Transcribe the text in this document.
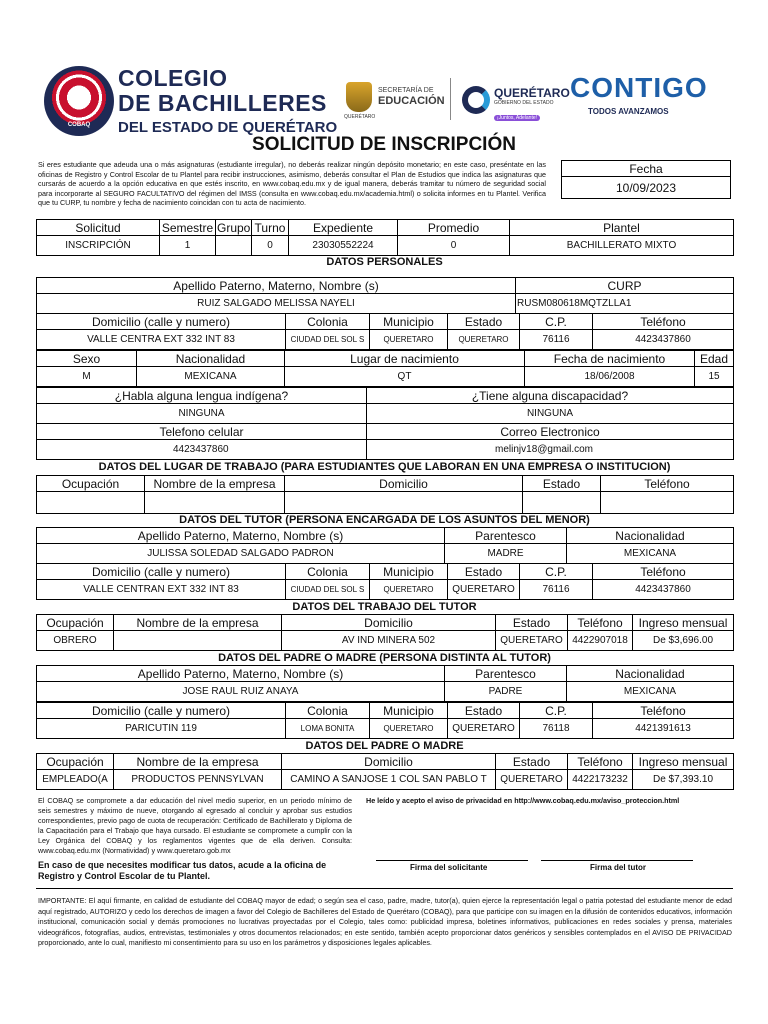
COBAQ
COLEGIO
DE BACHILLERES
DEL ESTADO DE QUERÉTARO
QUERÉTARO
SECRETARÍA DE
EDUCACIÓN
QUERÉTARO
GOBIERNO DEL ESTADO
¡Juntos, Adelante!
CONTIGO
TODOS AVANZAMOS
SOLICITUD DE INSCRIPCIÓN
Si eres estudiante que adeuda una o más asignaturas (estudiante irregular), no deberás realizar ningún depósito monetario; en este caso, preséntate en las oficinas de Registro y Control Escolar de tu Plantel para recibir instrucciones, asimismo, deberás consultar el Plan de Estudios que indica las asignaturas que cursarás de acuerdo a la opción educativa en que estés inscrito, en www.cobaq.edu.mx y de igual manera, deberás tramitar tu número de seguridad social para incorporarte al SEGURO FACULTATIVO del régimen del IMSS (consulta en www.cobaq.edu.mx/academia.html) o solicita informes en tu Plantel. Verifica que tu CURP, tu nombre y fecha de nacimiento coincidan con tu acta de nacimiento.
Fecha
10/09/2023
Solicitud	Semestre	Grupo	Turno	Expediente	Promedio	Plantel
INSCRIPCIÓN	1		0	23030552224	0	BACHILLERATO MIXTO
DATOS PERSONALES
Apellido Paterno, Materno, Nombre (s)	CURP
RUIZ SALGADO MELISSA NAYELI	RUSM080618MQTZLLA1
Domicilio (calle y numero)	Colonia	Municipio	Estado	C.P.	Teléfono
VALLE CENTRA EXT 332 INT 83	CIUDAD DEL SOL S	QUERETARO	QUERETARO	76116	4423437860
Sexo	Nacionalidad	Lugar de nacimiento	Fecha de nacimiento	Edad
M	MEXICANA	QT	18/06/2008	15
¿Habla alguna lengua indígena?	¿Tiene alguna discapacidad?
NINGUNA	NINGUNA
Telefono celular	Correo Electronico
4423437860	melinjv18@gmail.com
DATOS DEL LUGAR DE TRABAJO (PARA ESTUDIANTES QUE LABORAN EN UNA EMPRESA O INSTITUCION)
Ocupación	Nombre de la empresa	Domicilio	Estado	Teléfono

DATOS DEL TUTOR (PERSONA ENCARGADA DE LOS ASUNTOS DEL MENOR)
Apellido Paterno, Materno, Nombre (s)	Parentesco	Nacionalidad
JULISSA SOLEDAD SALGADO PADRON	MADRE	MEXICANA
Domicilio (calle y numero)	Colonia	Municipio	Estado	C.P.	Teléfono
VALLE CENTRAN EXT 332 INT 83	CIUDAD DEL SOL S	QUERETARO	QUERETARO	76116	4423437860
DATOS DEL TRABAJO DEL TUTOR
Ocupación	Nombre de la empresa	Domicilio	Estado	Teléfono	Ingreso mensual
OBRERO		AV IND MINERA 502	QUERETARO	4422907018	De $3,696.00
DATOS DEL PADRE O MADRE (PERSONA DISTINTA AL TUTOR)
Apellido Paterno, Materno, Nombre (s)	Parentesco	Nacionalidad
JOSE RAUL RUIZ ANAYA	PADRE	MEXICANA
Domicilio (calle y numero)	Colonia	Municipio	Estado	C.P.	Teléfono
PARICUTIN 119	LOMA BONITA	QUERETARO	QUERETARO	76118	4421391613
DATOS DEL PADRE O MADRE
Ocupación	Nombre de la empresa	Domicilio	Estado	Teléfono	Ingreso mensual
EMPLEADO(A	PRODUCTOS PENNSYLVAN	CAMINO A SANJOSE 1 COL SAN PABLO T	QUERETARO	4422173232	De $7,393.10
El COBAQ se compromete a dar educación del nivel medio superior, en un periodo mínimo de seis semestres y máximo de nueve, otorgando al egresado al concluir y aprobar sus estudios correspondientes, previo pago de cuota de recuperación: Certificado de Bachillerato y Diploma de la Capacitación para el Trabajo que haya cursado. El estudiante se compromete a cumplir con la Ley Orgánica del COBAQ y los reglamentos vigentes que de ella deriven. Consulta: www.cobaq.edu.mx (Normatividad) y www.queretaro.gob.mx
En caso de que necesites modificar tus datos, acude a la oficina de Registro y Control Escolar de tu Plantel.
He leído y acepto el aviso de privacidad en http://www.cobaq.edu.mx/aviso_proteccion.html
Firma del solicitante	Firma del tutor
IMPORTANTE: El aquí firmante, en calidad de estudiante del COBAQ mayor de edad; o según sea el caso, padre, madre, tutor(a), quien ejerce la representación legal o patria potestad del estudiante menor de edad aquí registrado, AUTORIZO y cedo los derechos de imagen a favor del Colegio de Bachilleres del Estado de Querétaro (COBAQ), para que participe con su imagen en la difusión de contenidos educativos, información institucional, comunicación social y demás promociones no lucrativas proyectadas por el Colegio, tales como: publicidad impresa, boletines informativos, publicaciones en redes sociales y prensa, materiales videográficos, fotografías, audios, entrevistas, testimoniales y otros documentos relacionados; en este sentido, también acepto proporcionar datos genéricos y sensibles contemplados en el AVISO DE PRIVACIDAD proporcionado, ante lo cual, manifiesto mi consentimiento para su uso en los parámetros y disposiciones legales aplicables.
